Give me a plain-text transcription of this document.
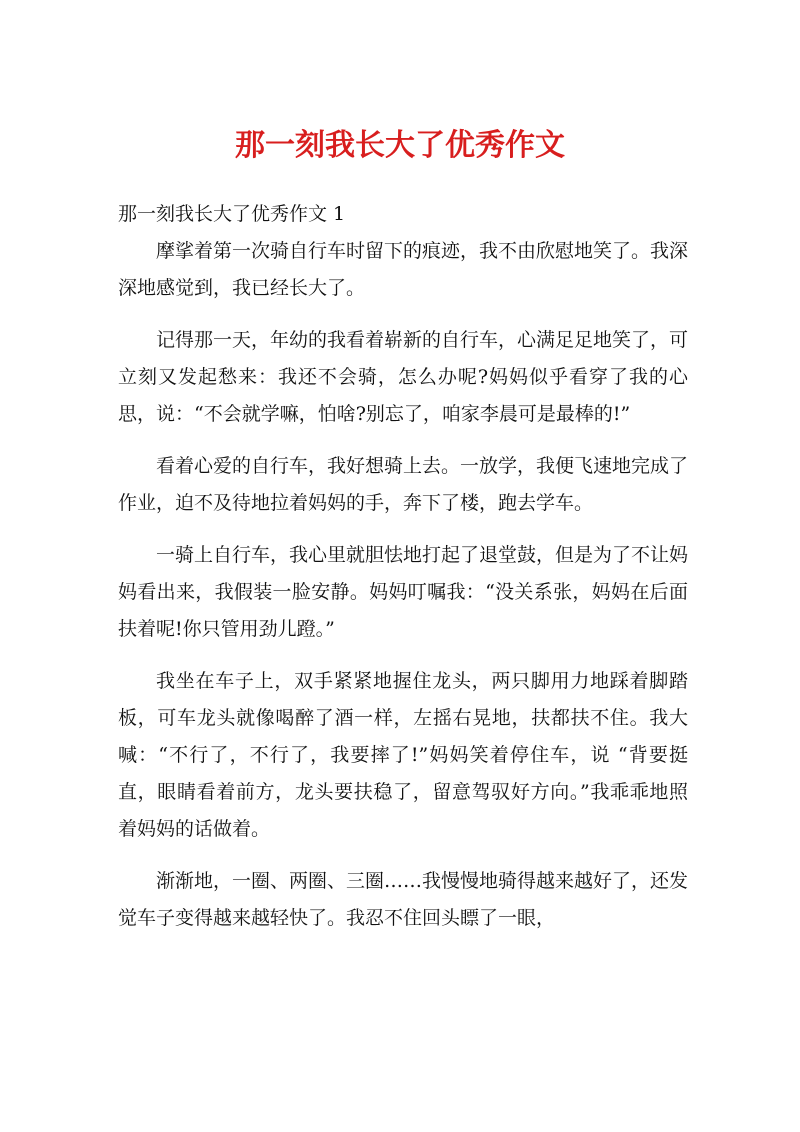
那一刻我长大了优秀作文

那一刻我长大了优秀作文 1

摩挲着第一次骑自行车时留下的痕迹，我不由欣慰地笑了。我深深地感觉到，我已经长大了。

记得那一天，年幼的我看着崭新的自行车，心满足足地笑了，可立刻又发起愁来：我还不会骑，怎么办呢?妈妈似乎看穿了我的心思，说：“不会就学嘛，怕啥?别忘了，咱家李晨可是最棒的!”

看着心爱的自行车，我好想骑上去。一放学，我便飞速地完成了作业，迫不及待地拉着妈妈的手，奔下了楼，跑去学车。

一骑上自行车，我心里就胆怯地打起了退堂鼓，但是为了不让妈妈看出来，我假装一脸安静。妈妈叮嘱我：“没关系张，妈妈在后面扶着呢!你只管用劲儿蹬。”

我坐在车子上，双手紧紧地握住龙头，两只脚用力地踩着脚踏板，可车龙头就像喝醉了酒一样，左摇右晃地，扶都扶不住。我大喊：“不行了，不行了，我要摔了!”妈妈笑着停住车，说 “背要挺直，眼睛看着前方，龙头要扶稳了，留意驾驭好方向。”我乖乖地照着妈妈的话做着。

渐渐地，一圈、两圈、三圈……我慢慢地骑得越来越好了，还发觉车子变得越来越轻快了。我忍不住回头瞟了一眼，
